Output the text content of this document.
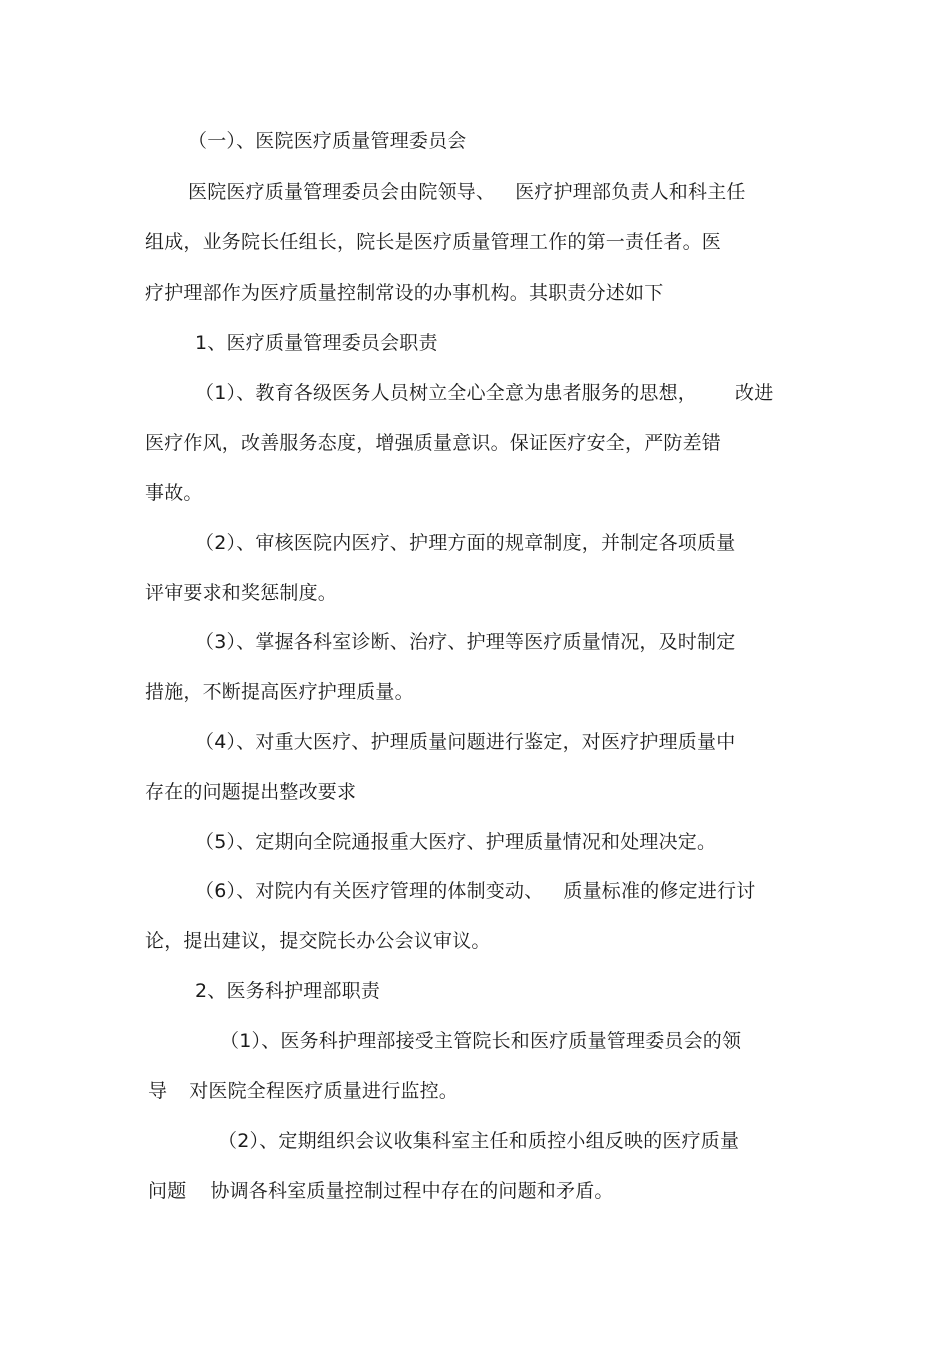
（一）、医院医疗质量管理委员会
医院医疗质量管理委员会由院领导、 医疗护理部负责人和科主任
组成，业务院长任组长，院长是医疗质量管理工作的第一责任者。医
疗护理部作为医疗质量控制常设的办事机构。其职责分述如下
1、医疗质量管理委员会职责
（1）、教育各级医务人员树立全心全意为患者服务的思想， 改进
医疗作风，改善服务态度，增强质量意识。保证医疗安全，严防差错
事故。
（2）、审核医院内医疗、护理方面的规章制度，并制定各项质量
评审要求和奖惩制度。
（3）、掌握各科室诊断、治疗、护理等医疗质量情况，及时制定
措施，不断提高医疗护理质量。
（4）、对重大医疗、护理质量问题进行鉴定，对医疗护理质量中
存在的问题提出整改要求
（5）、定期向全院通报重大医疗、护理质量情况和处理决定。
（6）、对院内有关医疗管理的体制变动、 质量标准的修定进行讨
论，提出建议，提交院长办公会议审议。
2、医务科护理部职责
（1）、医务科护理部接受主管院长和医疗质量管理委员会的领
导 对医院全程医疗质量进行监控。
（2）、定期组织会议收集科室主任和质控小组反映的医疗质量
问题 协调各科室质量控制过程中存在的问题和矛盾。
